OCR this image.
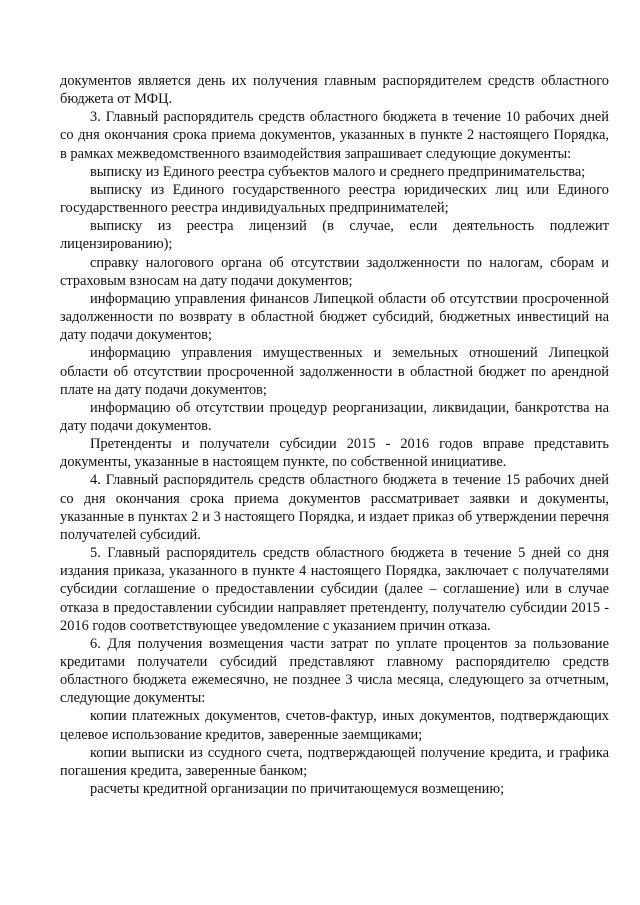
документов является день их получения главным распорядителем средств областного бюджета от МФЦ.

3. Главный распорядитель средств областного бюджета в течение 10 рабочих дней со дня окончания срока приема документов, указанных в пункте 2 настоящего Порядка, в рамках межведомственного взаимодействия запрашивает следующие документы:

выписку из Единого реестра субъектов малого и среднего предпринимательства;

выписку из Единого государственного реестра юридических лиц или Единого государственного реестра индивидуальных предпринимателей;

выписку из реестра лицензий (в случае, если деятельность подлежит лицензированию);

справку налогового органа об отсутствии задолженности по налогам, сборам и страховым взносам на дату подачи документов;

информацию управления финансов Липецкой области об отсутствии просроченной задолженности по возврату в областной бюджет субсидий, бюджетных инвестиций на дату подачи документов;

информацию управления имущественных и земельных отношений Липецкой области об отсутствии просроченной задолженности в областной бюджет по арендной плате на дату подачи документов;

информацию об отсутствии процедур реорганизации, ликвидации, банкротства на дату подачи документов.

Претенденты и получатели субсидии 2015 - 2016 годов вправе представить документы, указанные в настоящем пункте, по собственной инициативе.

4. Главный распорядитель средств областного бюджета в течение 15 рабочих дней со дня окончания срока приема документов рассматривает заявки и документы, указанные в пунктах 2 и 3 настоящего Порядка, и издает приказ об утверждении перечня получателей субсидий.

5. Главный распорядитель средств областного бюджета в течение 5 дней со дня издания приказа, указанного в пункте 4 настоящего Порядка, заключает с получателями субсидии соглашение о предоставлении субсидии (далее – соглашение) или в случае отказа в предоставлении субсидии направляет претенденту, получателю субсидии 2015 - 2016 годов соответствующее уведомление с указанием причин отказа.

6. Для получения возмещения части затрат по уплате процентов за пользование кредитами получатели субсидий представляют главному распорядителю средств областного бюджета ежемесячно, не позднее 3 числа месяца, следующего за отчетным, следующие документы:

копии платежных документов, счетов-фактур, иных документов, подтверждающих целевое использование кредитов, заверенные заемщиками;

копии выписки из ссудного счета, подтверждающей получение кредита, и графика погашения кредита, заверенные банком;

расчеты кредитной организации по причитающемуся возмещению;
